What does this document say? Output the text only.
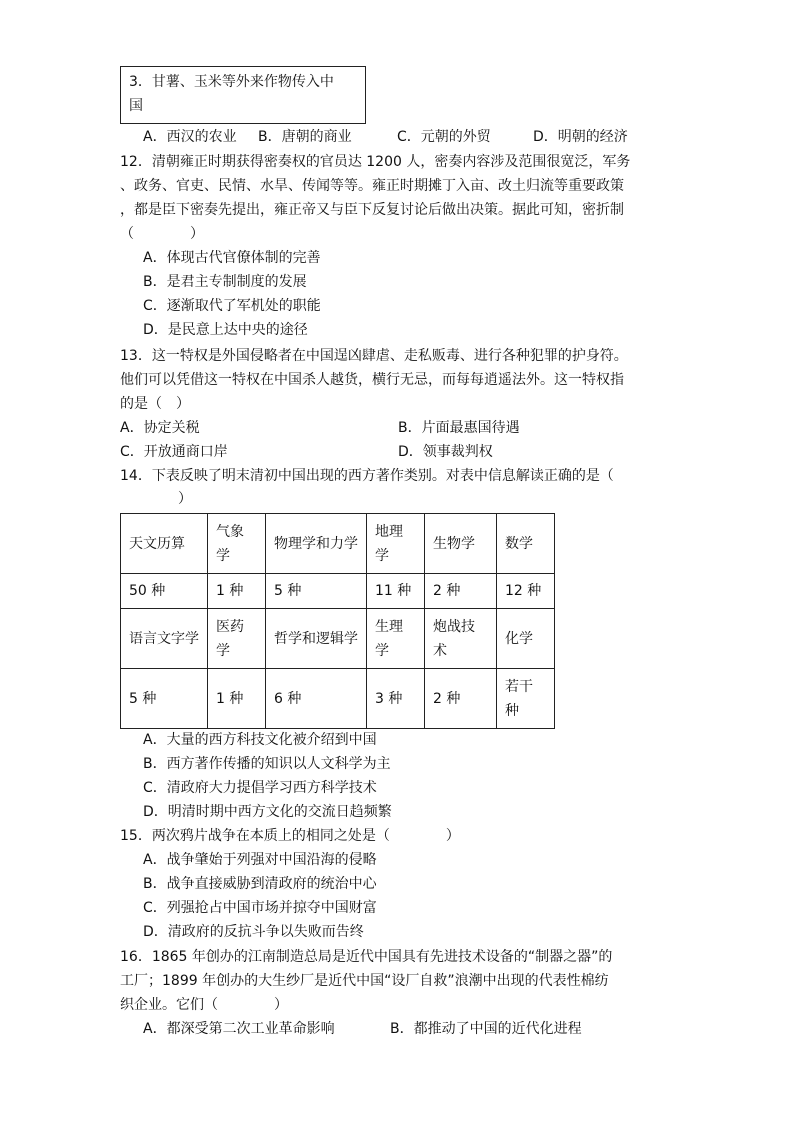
3．甘薯、玉米等外来作物传入中
国
A．西汉的农业 B．唐朝的商业	C．元朝的外贸	D．明朝的经济
12．清朝雍正时期获得密奏权的官员达 1200 人，密奏内容涉及范围很宽泛，军务
、政务、官吏、民情、水旱、传闻等等。雍正时期摊丁入亩、改土归流等重要政策
，都是臣下密奏先提出，雍正帝又与臣下反复讨论后做出决策。据此可知，密折制
（　　　　）
A．体现古代官僚体制的完善
B．是君主专制制度的发展
C．逐渐取代了军机处的职能
D．是民意上达中央的途径
13．这一特权是外国侵略者在中国逞凶肆虐、走私贩毒、进行各种犯罪的护身符。
他们可以凭借这一特权在中国杀人越货，横行无忌，而每每逍遥法外。这一特权指
的是（　）
A．协定关税	B．片面最惠国待遇
C．开放通商口岸	D．领事裁判权
14．下表反映了明末清初中国出现的西方著作类别。对表中信息解读正确的是（
）
天文历算	气象学	物理学和力学	地理学	生物学	数学
50 种	1 种	5 种	11 种	2 种	12 种
语言文字学	医药学	哲学和逻辑学	生理学	炮战技术	化学
5 种	1 种	6 种	3 种	2 种	若干种
A．大量的西方科技文化被介绍到中国
B．西方著作传播的知识以人文科学为主
C．清政府大力提倡学习西方科学技术
D．明清时期中西方文化的交流日趋频繁
15．两次鸦片战争在本质上的相同之处是（　　　　）
A．战争肇始于列强对中国沿海的侵略
B．战争直接威胁到清政府的统治中心
C．列强抢占中国市场并掠夺中国财富
D．清政府的反抗斗争以失败而告终
16．1865 年创办的江南制造总局是近代中国具有先进技术设备的“制器之器”的
工厂；1899 年创办的大生纱厂是近代中国“设厂自救”浪潮中出现的代表性棉纺
织企业。它们（　　　　）
A．都深受第二次工业革命影响	B．都推动了中国的近代化进程
